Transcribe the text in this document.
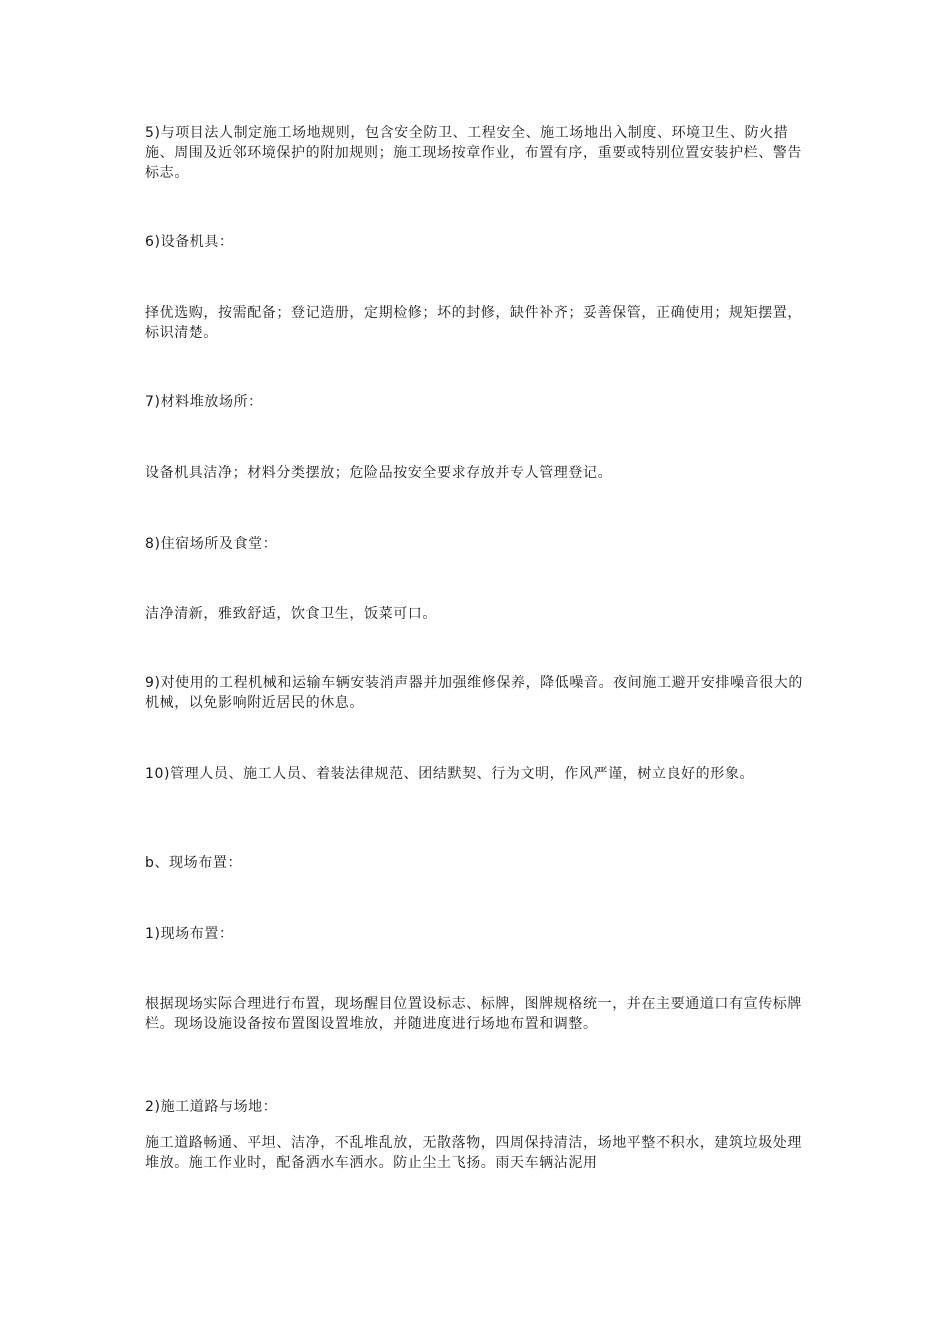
5)与项目法人制定施工场地规则，包含安全防卫、工程安全、施工场地出入制度、环境卫生、防火措施、周围及近邻环境保护的附加规则；施工现场按章作业，布置有序，重要或特别位置安装护栏、警告标志。

6)设备机具：

择优选购，按需配备；登记造册，定期检修；坏的封修，缺件补齐；妥善保管，正确使用；规矩摆置，标识清楚。

7)材料堆放场所：

设备机具洁净；材料分类摆放；危险品按安全要求存放并专人管理登记。

8)住宿场所及食堂：

洁净清新，雅致舒适，饮食卫生，饭菜可口。

9)对使用的工程机械和运输车辆安装消声器并加强维修保养，降低噪音。夜间施工避开安排噪音很大的机械，以免影响附近居民的休息。

10)管理人员、施工人员、着装法律规范、团结默契、行为文明，作风严谨，树立良好的形象。

b、现场布置：

1)现场布置：

根据现场实际合理进行布置，现场醒目位置设标志、标牌，图牌规格统一，并在主要通道口有宣传标牌栏。现场设施设备按布置图设置堆放，并随进度进行场地布置和调整。

2)施工道路与场地：

施工道路畅通、平坦、洁净，不乱堆乱放，无散落物，四周保持清洁，场地平整不积水，建筑垃圾处理堆放。施工作业时，配备洒水车洒水。防止尘土飞扬。雨天车辆沾泥用
